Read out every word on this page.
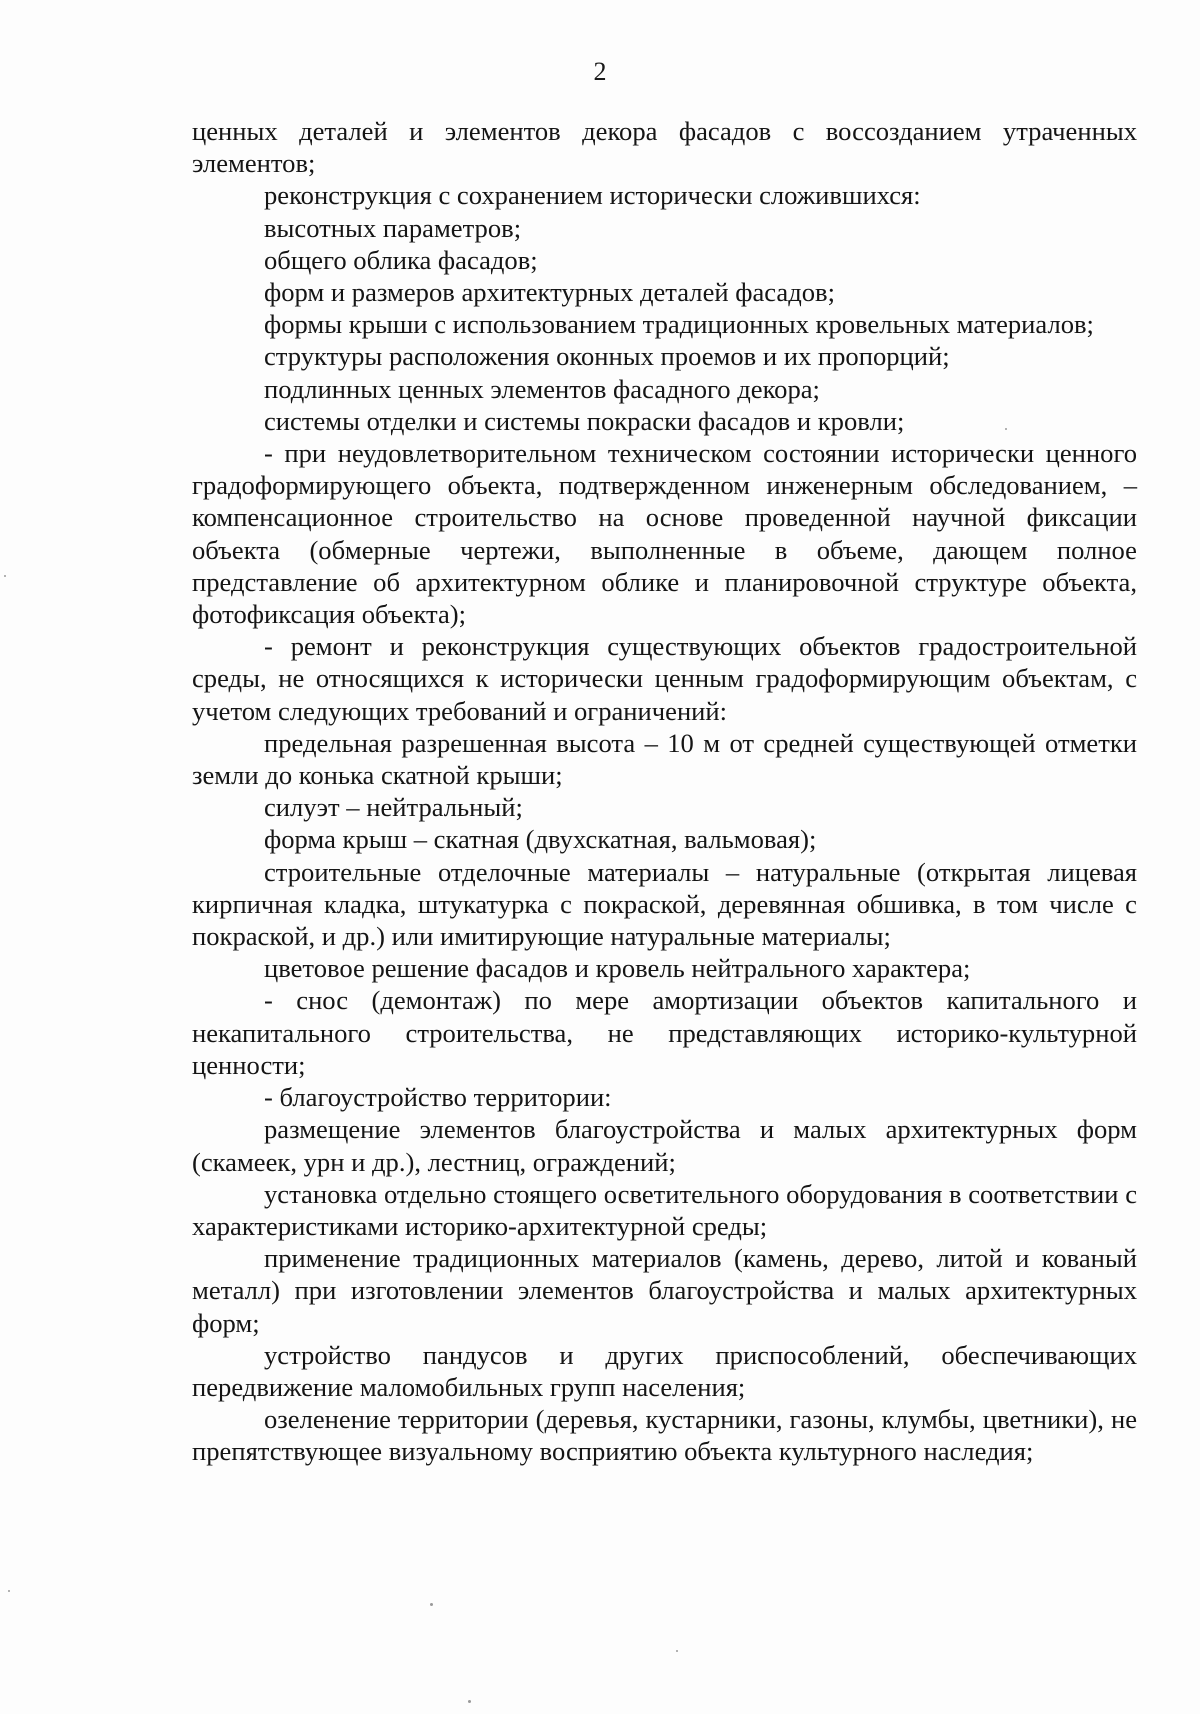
2

ценных деталей и элементов декора фасадов с воссозданием утраченных элементов;

реконструкция с сохранением исторически сложившихся:

высотных параметров;

общего облика фасадов;

форм и размеров архитектурных деталей фасадов;

формы крыши с использованием традиционных кровельных материалов;

структуры расположения оконных проемов и их пропорций;

подлинных ценных элементов фасадного декора;

системы отделки и системы покраски фасадов и кровли;

- при неудовлетворительном техническом состоянии исторически ценного градоформирующего объекта, подтвержденном инженерным обследованием, – компенсационное строительство на основе проведенной научной фиксации объекта (обмерные чертежи, выполненные в объеме, дающем полное представление об архитектурном облике и планировочной структуре объекта, фотофиксация объекта);

- ремонт и реконструкция существующих объектов градостроительной среды, не относящихся к исторически ценным градоформирующим объектам, с учетом следующих требований и ограничений:

предельная разрешенная высота – 10 м от средней существующей отметки земли до конька скатной крыши;

силуэт – нейтральный;

форма крыш – скатная (двухскатная, вальмовая);

строительные отделочные материалы – натуральные (открытая лицевая кирпичная кладка, штукатурка с покраской, деревянная обшивка, в том числе с покраской, и др.) или имитирующие натуральные материалы;

цветовое решение фасадов и кровель нейтрального характера;

- снос (демонтаж) по мере амортизации объектов капитального и некапитального строительства, не представляющих историко-культурной ценности;

- благоустройство территории:

размещение элементов благоустройства и малых архитектурных форм (скамеек, урн и др.), лестниц, ограждений;

установка отдельно стоящего осветительного оборудования в соответствии с характеристиками историко-архитектурной среды;

применение традиционных материалов (камень, дерево, литой и кованый металл) при изготовлении элементов благоустройства и малых архитектурных форм;

устройство пандусов и других приспособлений, обеспечивающих передвижение маломобильных групп населения;

озеленение территории (деревья, кустарники, газоны, клумбы, цветники), не препятствующее визуальному восприятию объекта культурного наследия;
